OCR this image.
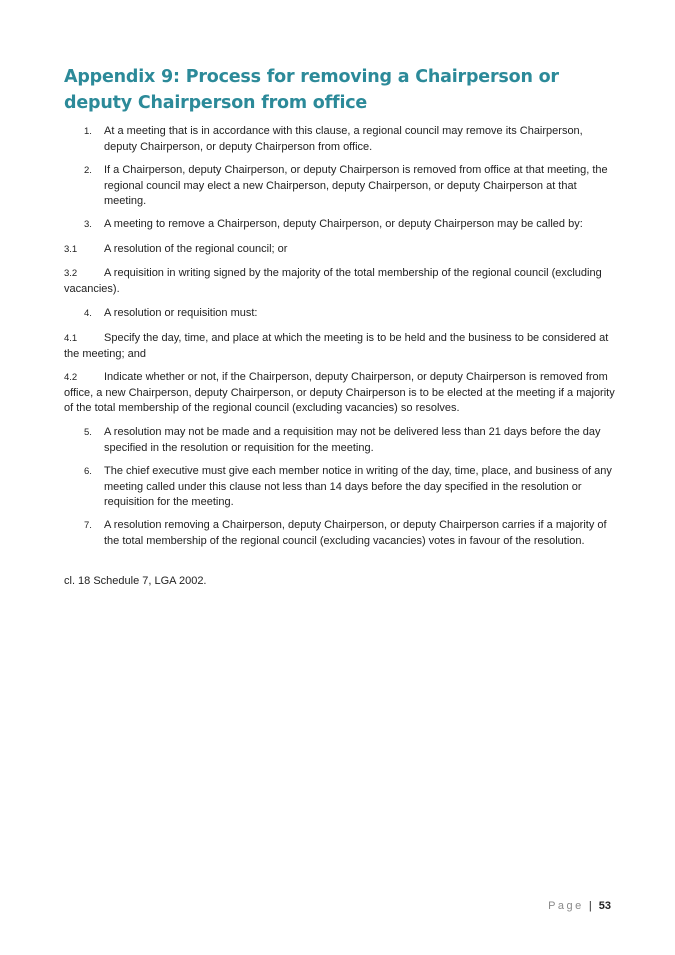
Appendix 9: Process for removing a Chairperson or deputy Chairperson from office

1.	At a meeting that is in accordance with this clause, a regional council may remove its Chairperson, deputy Chairperson, or deputy Chairperson from office.

2.	If a Chairperson, deputy Chairperson, or deputy Chairperson is removed from office at that meeting, the regional council may elect a new Chairperson, deputy Chairperson, or deputy Chairperson at that meeting.

3.	A meeting to remove a Chairperson, deputy Chairperson, or deputy Chairperson may be called by:

3.1 A resolution of the regional council; or

3.2 A requisition in writing signed by the majority of the total membership of the regional council (excluding vacancies).

4.	A resolution or requisition must:

4.1 Specify the day, time, and place at which the meeting is to be held and the business to be considered at the meeting; and

4.2 Indicate whether or not, if the Chairperson, deputy Chairperson, or deputy Chairperson is removed from office, a new Chairperson, deputy Chairperson, or deputy Chairperson is to be elected at the meeting if a majority of the total membership of the regional council (excluding vacancies) so resolves.

5.	A resolution may not be made and a requisition may not be delivered less than 21 days before the day specified in the resolution or requisition for the meeting.

6.	The chief executive must give each member notice in writing of the day, time, place, and business of any meeting called under this clause not less than 14 days before the day specified in the resolution or requisition for the meeting.

7.	A resolution removing a Chairperson, deputy Chairperson, or deputy Chairperson carries if a majority of the total membership of the regional council (excluding vacancies) votes in favour of the resolution.

cl. 18 Schedule 7, LGA 2002.

Page | 53
